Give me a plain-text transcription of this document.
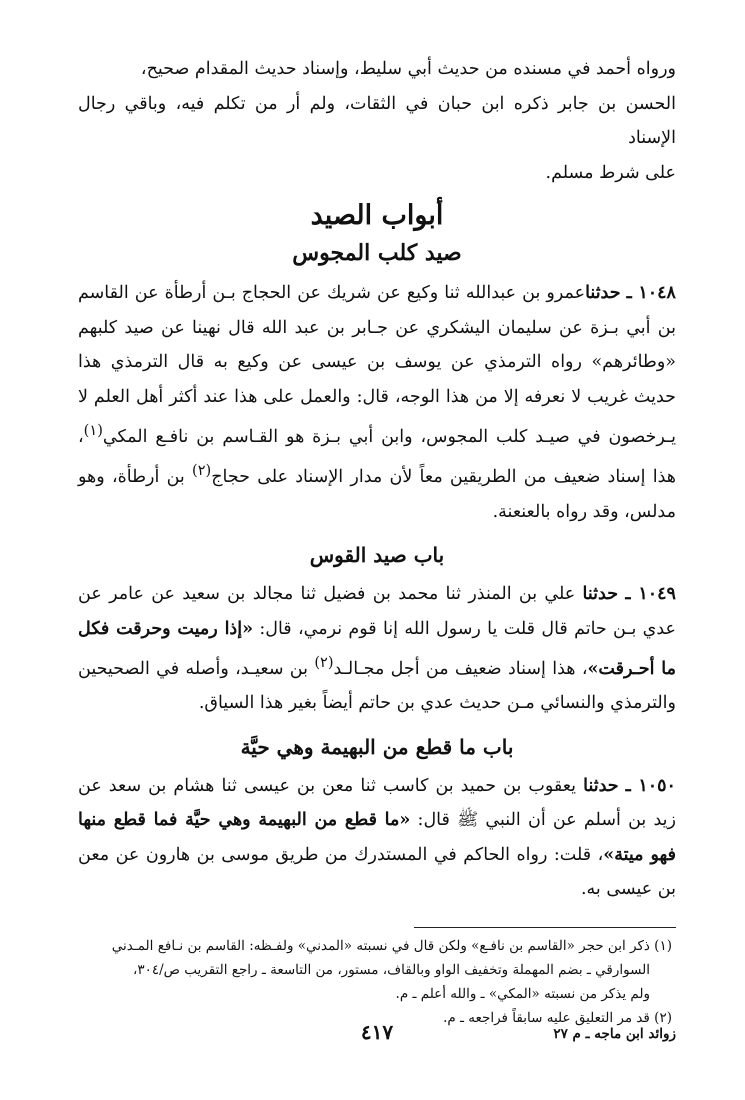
ورواه أحمد في مسنده من حديث أبي سليط، وإسناد حديث المقدام صحيح،
الحسن بن جابر ذكره ابن حبان في الثقات، ولم أر من تكلم فيه، وباقي رجال الإسناد
على شرط مسلم.

أبواب الصيد
صيد كلب المجوس

١٠٤٨ ـ حدثناعمرو بن عبدالله ثنا وكيع عن شريك عن الحجاج بـن أرطأة عن القاسم بن أبي بـزة عن سليمان اليشكري عن جـابر بن عبد الله قال نهينا عن صيد كلبهم «وطائرهم» رواه الترمذي عن يوسف بن عيسى عن وكيع به قال الترمذي هذا حديث غريب لا نعرفه إلا من هذا الوجه، قال: والعمل على هذا عند أكثر أهل العلم لا يـرخصون في صيـد كلب المجوس، وابن أبي بـزة هو القـاسم بن نافـع المكي$^{(١)}$، هذا إسناد ضعيف من الطريقين معاً لأن مدار الإسناد على حجاج$^{(٢)}$ بن أرطأة، وهو مدلس، وقد رواه بالعنعنة.

باب صيد القوس

١٠٤٩ ـ حدثنا علي بن المنذر ثنا محمد بن فضيل ثنا مجالد بن سعيد عن عامر عن عدي بـن حاتم قال قلت يا رسول الله إنا قوم نرمي، قال: «إذا رميت وحرقت فكل ما أحـرقت»، هذا إسناد ضعيف من أجل مجـالـد$^{(٢)}$ بن سعيـد، وأصله في الصحيحين والترمذي والنسائي مـن حديث عدي بن حاتم أيضاً بغير هذا السياق.

باب ما قطع من البهيمة وهي حيَّة

١٠٥٠ ـ حدثنا يعقوب بن حميد بن كاسب ثنا معن بن عيسى ثنا هشام بن سعد عن زيد بن أسلم عن أن النبي ﷺ قال: «ما قطع من البهيمة وهي حيَّة فما قطع منها فهو ميتة»، قلت: رواه الحاكم في المستدرك من طريق موسى بن هارون عن معن بن عيسى به.

(١) ذكر ابن حجر «القاسم بن نافـع» ولكن قال في نسبته «المدني» ولفـظه: القاسم بن نـافع المـدني
السوارقي ـ بضم المهملة وتخفيف الواو وبالقاف، مستور، من التاسعة ـ راجع التقريب ص/٣٠٤،
ولم يذكر من نسبته «المكي» ـ والله أعلم ـ م.
(٢) قد مر التعليق عليه سابقاً فراجعه ـ م.
زوائد ابن ماجه ـ م ٢٧
٤١٧
